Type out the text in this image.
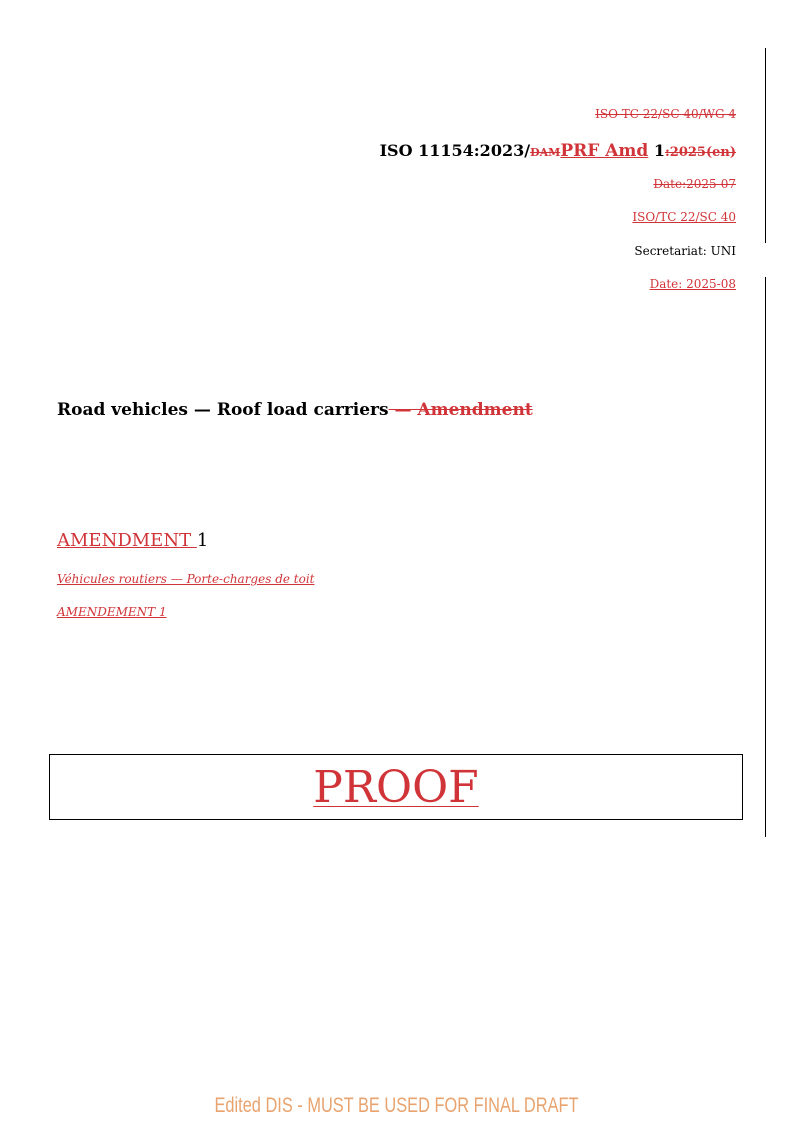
ISO TC 22/SC 40/WG 4
ISO 11154:2023/DAMPRF Amd 1:2025(en)
Date:2025-07
ISO/TC 22/SC 40
Secretariat: UNI
Date: 2025-08
Road vehicles — Roof load carriers — Amendment
AMENDMENT 1
Véhicules routiers — Porte-charges de toit
AMENDEMENT 1
PROOF
Edited DIS - MUST BE USED FOR FINAL DRAFT
